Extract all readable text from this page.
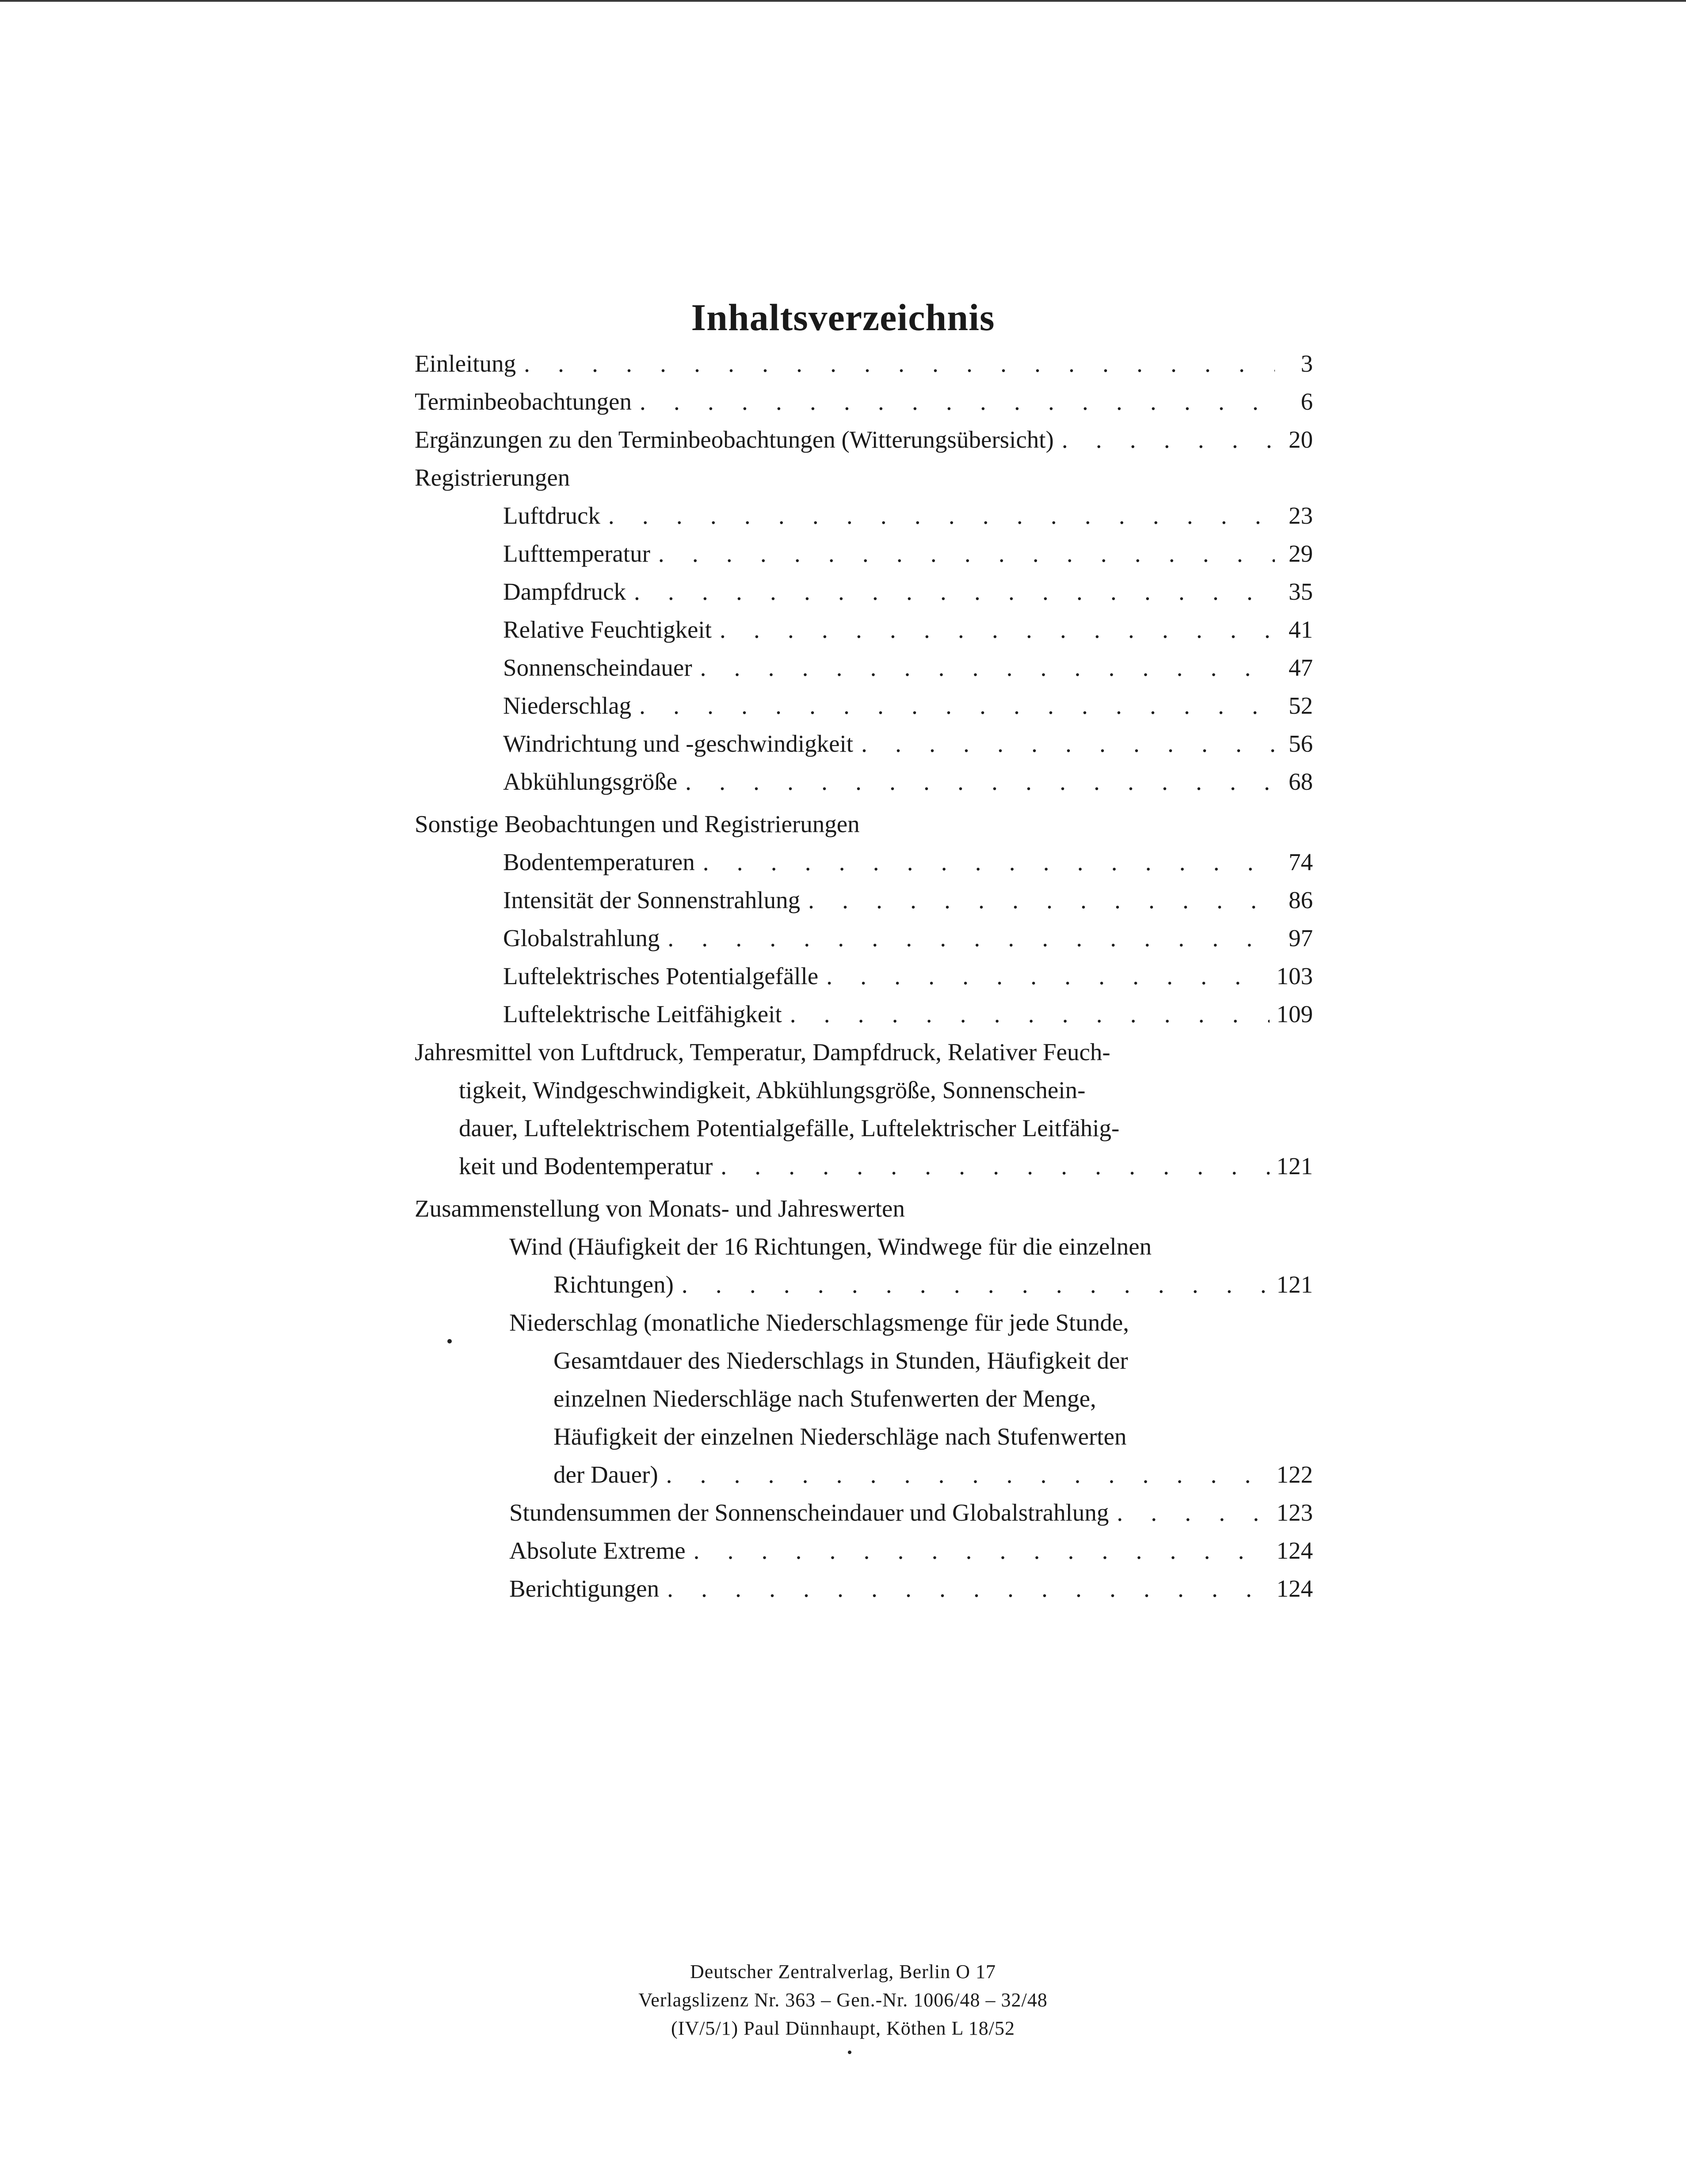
Inhaltsverzeichnis
Einleitung . . .	3
Terminbeobachtungen . . .	6
Ergänzungen zu den Terminbeobachtungen (Witterungsübersicht) . . .	20
Registrierungen
Luftdruck . . .	23
Lufttemperatur . . .	29
Dampfdruck . . .	35
Relative Feuchtigkeit . . .	41
Sonnenscheindauer . . .	47
Niederschlag . . .	52
Windrichtung und -geschwindigkeit . . .	56
Abkühlungsgröße . . .	68
Sonstige Beobachtungen und Registrierungen
Bodentemperaturen . . .	74
Intensität der Sonnenstrahlung . . .	86
Globalstrahlung . . .	97
Luftelektrisches Potentialgefälle . . .	103
Luftelektrische Leitfähigkeit . . .	109
Jahresmittel von Luftdruck, Temperatur, Dampfdruck, Relativer Feuch-
tigkeit, Windgeschwindigkeit, Abkühlungsgröße, Sonnenschein-
dauer, Luftelektrischem Potentialgefälle, Luftelektrischer Leitfähig-
keit und Bodentemperatur . . .	121
Zusammenstellung von Monats- und Jahreswerten
Wind (Häufigkeit der 16 Richtungen, Windwege für die einzelnen
Richtungen) . . .	121
Niederschlag (monatliche Niederschlagsmenge für jede Stunde,
Gesamtdauer des Niederschlags in Stunden, Häufigkeit der
einzelnen Niederschläge nach Stufenwerten der Menge,
Häufigkeit der einzelnen Niederschläge nach Stufenwerten
der Dauer) . . .	122
Stundensummen der Sonnenscheindauer und Globalstrahlung . . .	123
Absolute Extreme . . .	124
Berichtigungen . . .	124
Deutscher Zentralverlag, Berlin O 17
Verlagslizenz Nr. 363 – Gen.-Nr. 1006/48 – 32/48
(IV/5/1) Paul Dünnhaupt, Köthen L 18/52
